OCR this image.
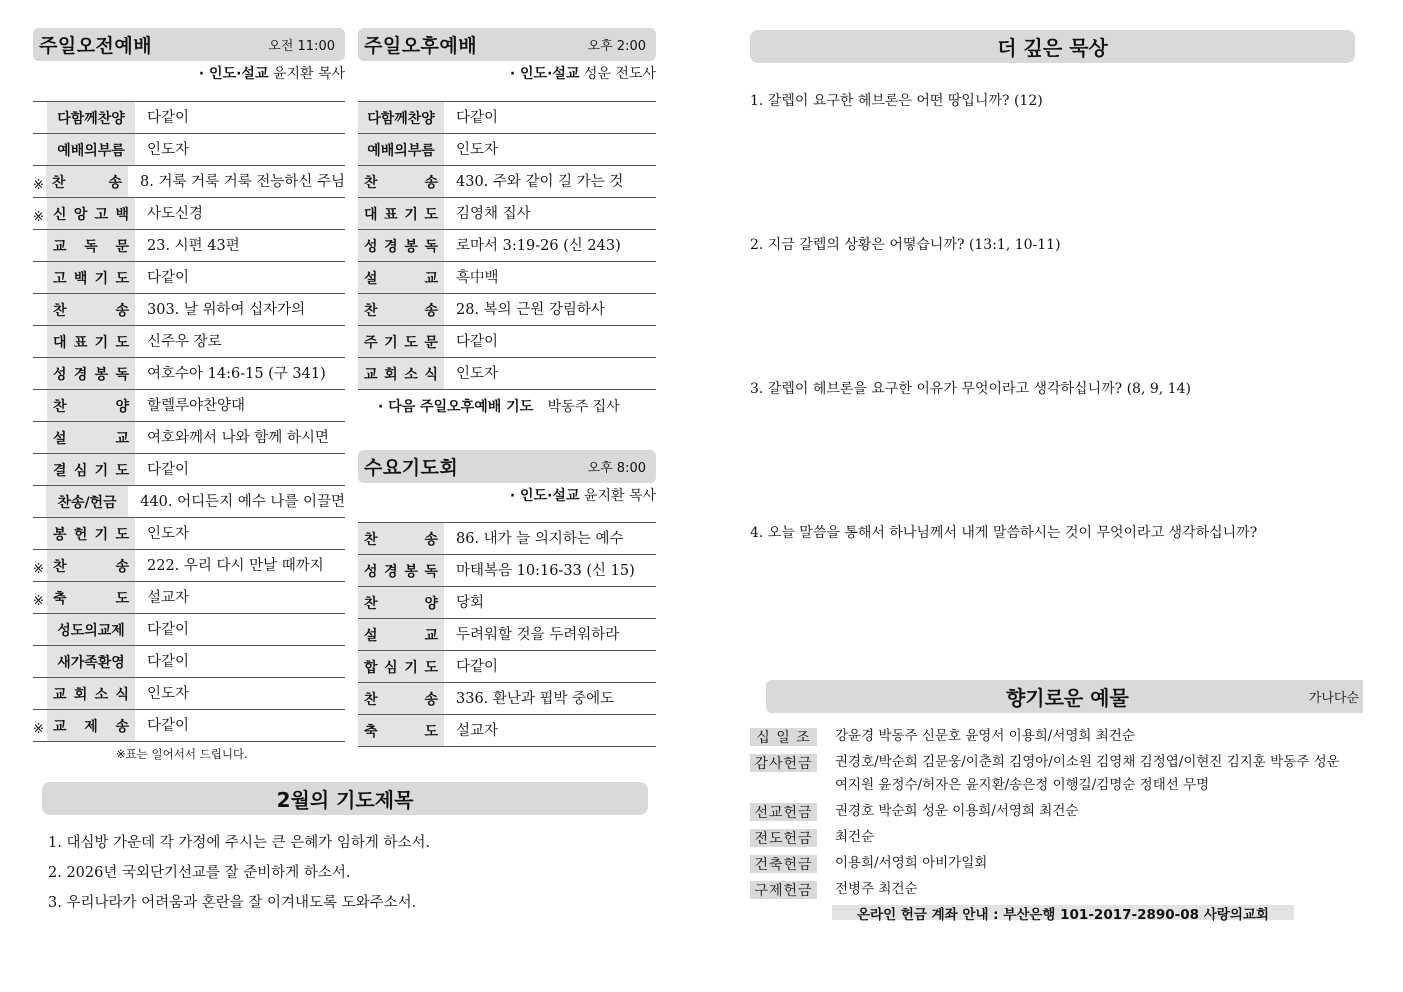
주일오전예배	오전 11:00
· 인도·설교 윤지환 목사
다함께찬양	다같이
예배의부름	인도자
※ 찬	송	8. 거룩 거룩 거룩 전능하신 주님
※ 신 앙 고 백	사도신경
교 독 문	23. 시편 43편
고 백 기 도	다같이
찬	송	303. 날 위하여 십자가의
대 표 기 도	신주우 장로
성 경 봉 독	여호수아 14:6-15 (구 341)
찬	양	할렐루야찬양대
설	교	여호와께서 나와 함께 하시면
결 심 기 도	다같이
찬송/헌금	440. 어디든지 예수 나를 이끌면
봉 헌 기 도	인도자
※ 찬	송	222. 우리 다시 만날 때까지
※ 축	도	설교자
성도의교제	다같이
새가족환영	다같이
교 회 소 식	인도자
※ 교 제 송	다같이
※표는 일어서서 드립니다.
주일오후예배	오후 2:00
· 인도·설교 성운 전도사
다함께찬양	다같이
예배의부름	인도자
찬	송	430. 주와 같이 길 가는 것
대 표 기 도	김영채 집사
성 경 봉 독	로마서 3:19-26 (신 243)
설	교	흑中백
찬	송	28. 복의 근원 강림하사
주 기 도 문	다같이
교 회 소 식	인도자
· 다음 주일오후예배 기도 박동주 집사
수요기도회	오후 8:00
· 인도·설교 윤지환 목사
찬	송	86. 내가 늘 의지하는 예수
성 경 봉 독	마태복음 10:16-33 (신 15)
찬	양	당회
설	교	두려워할 것을 두려워하라
합 심 기 도	다같이
찬	송	336. 환난과 핍박 중에도
축	도	설교자
2월의 기도제목
1. 대심방 가운데 각 가정에 주시는 큰 은혜가 임하게 하소서.
2. 2026년 국외단기선교를 잘 준비하게 하소서.
3. 우리나라가 어려움과 혼란을 잘 이겨내도록 도와주소서.
더 깊은 묵상
1. 갈렙이 요구한 헤브론은 어떤 땅입니까? (12)
2. 지금 갈렙의 상황은 어떻습니까? (13:1, 10-11)
3. 갈렙이 헤브론을 요구한 이유가 무엇이라고 생각하십니까? (8, 9, 14)
4. 오늘 말씀을 통해서 하나님께서 내게 말씀하시는 것이 무엇이라고 생각하십니까?
향기로운 예물	가나다순
십 일 조	강윤경 박동주 신문호 윤영서 이용희/서영희 최건순
감사헌금	권경호/박순희 김문웅/이춘희 김영아/이소원 김영채 김정엽/이현진 김지훈 박동주 성운
여지원 윤정수/허자은 윤지환/송은정 이행길/김명순 정태선 무명
선교헌금	권경호 박순희 성운 이용희/서영희 최건순
전도헌금	최건순
건축헌금	이용희/서영희 아비가일회
구제헌금	전병주 최건순
온라인 헌금 계좌 안내 : 부산은행 101-2017-2890-08 사랑의교회
